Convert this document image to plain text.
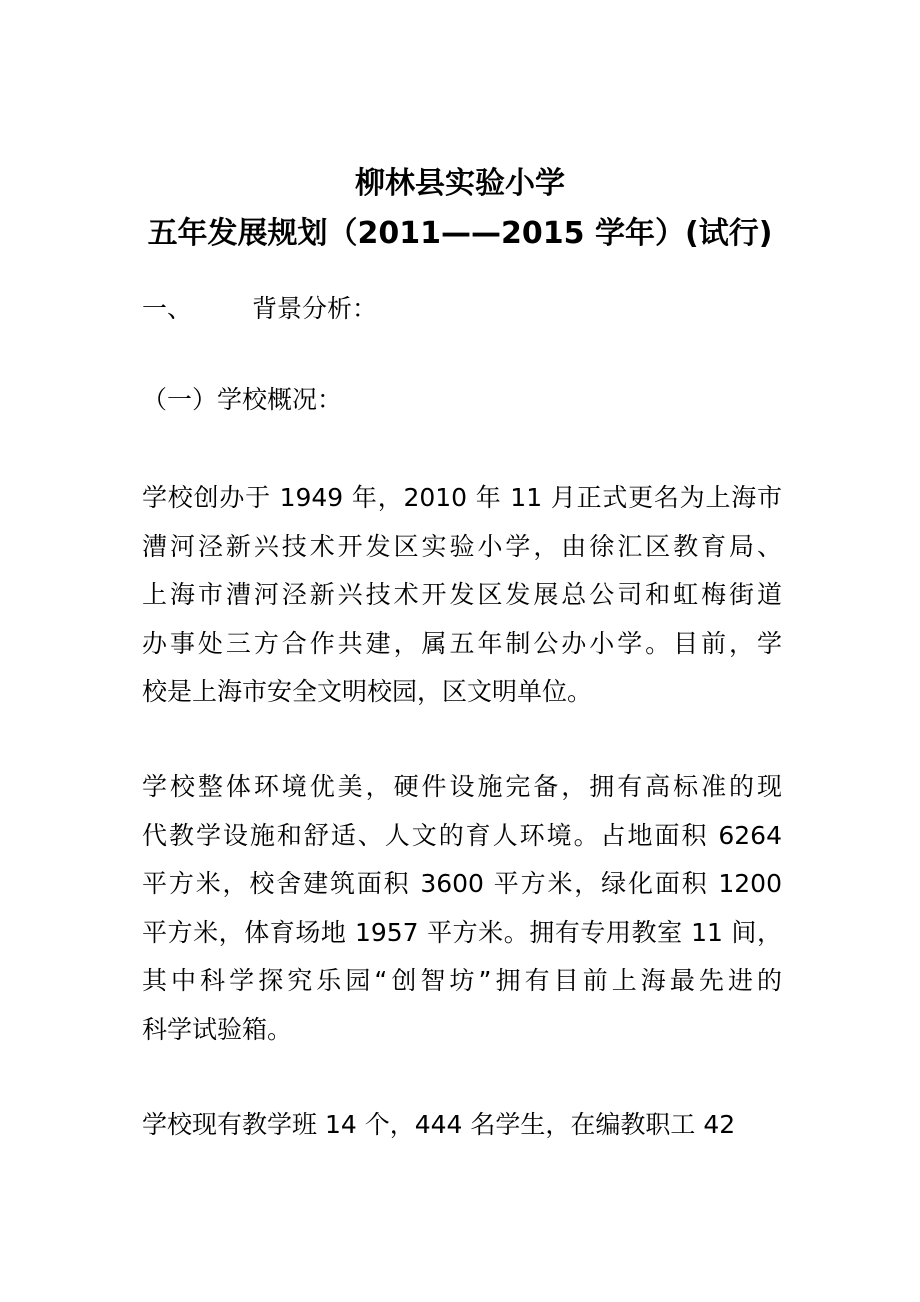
柳林县实验小学
五年发展规划（2011——2015 学年）(试行)
一、 背景分析：
（一）学校概况：
学校创办于 1949 年，2010 年 11 月正式更名为上海市
漕河泾新兴技术开发区实验小学，由徐汇区教育局、
上海市漕河泾新兴技术开发区发展总公司和虹梅街道
办事处三方合作共建，属五年制公办小学。目前，学
校是上海市安全文明校园，区文明单位。
学校整体环境优美，硬件设施完备，拥有高标准的现
代教学设施和舒适、人文的育人环境。占地面积 6264
平方米，校舍建筑面积 3600 平方米，绿化面积 1200
平方米，体育场地 1957 平方米。拥有专用教室 11 间，
其中科学探究乐园“创智坊”拥有目前上海最先进的
科学试验箱。
学校现有教学班 14 个，444 名学生，在编教职工 42
